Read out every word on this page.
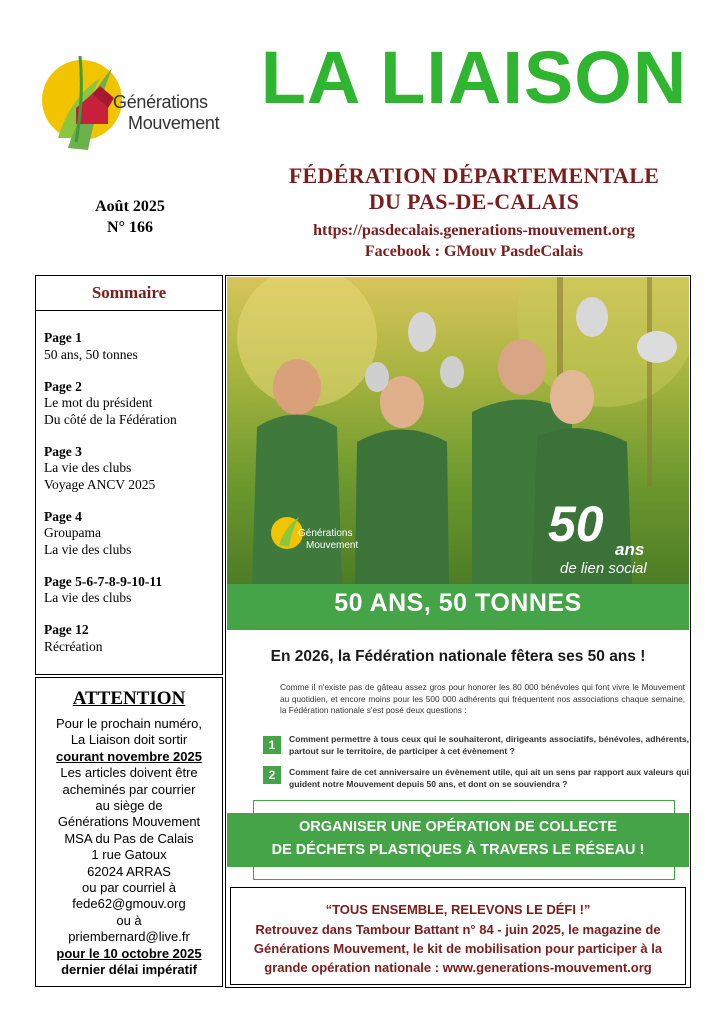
Générations
Mouvement
LA LIAISON
FÉDÉRATION DÉPARTEMENTALE
DU PAS-DE-CALAIS
https://pasdecalais.generations-mouvement.org
Facebook : GMouv PasdeCalais
Août 2025
N° 166
Sommaire
Page 1
50 ans, 50 tonnes
Page 2
Le mot du président
Du côté de la Fédération
Page 3
La vie des clubs
Voyage ANCV 2025
Page 4
Groupama
La vie des clubs
Page 5-6-7-8-9-10-11
La vie des clubs
Page 12
Récréation
ATTENTION
Pour le prochain numéro,
La Liaison doit sortir
courant novembre 2025
Les articles doivent être
acheminés par courrier
au siège de
Générations Mouvement
MSA du Pas de Calais
1 rue Gatoux
62024 ARRAS
ou par courriel à
fede62@gmouv.org
ou à
priembernard@live.fr
pour le 10 octobre 2025
dernier délai impératif
Générations
Mouvement	50 ans
de lien social
50 ANS, 50 TONNES
En 2026, la Fédération nationale fêtera ses 50 ans !
Comme il n'existe pas de gâteau assez gros pour honorer les 80 000 bénévoles qui font vivre le Mouvement au quotidien, et encore moins pour les 500 000 adhérents qui fréquentent nos associations chaque semaine, la Fédération nationale s'est posé deux questions :
1	Comment permettre à tous ceux qui le souhaiteront, dirigeants associatifs, bénévoles, adhérents, partout sur le territoire, de participer à cet évènement ?
2	Comment faire de cet anniversaire un évènement utile, qui ait un sens par rapport aux valeurs qui guident notre Mouvement depuis 50 ans, et dont on se souviendra ?
ORGANISER UNE OPÉRATION DE COLLECTE
DE DÉCHETS PLASTIQUES À TRAVERS LE RÉSEAU !
“TOUS ENSEMBLE, RELEVONS LE DÉFI !”
Retrouvez dans Tambour Battant n° 84 - juin 2025, le magazine de Générations Mouvement, le kit de mobilisation pour participer à la grande opération nationale : www.generations-mouvement.org
